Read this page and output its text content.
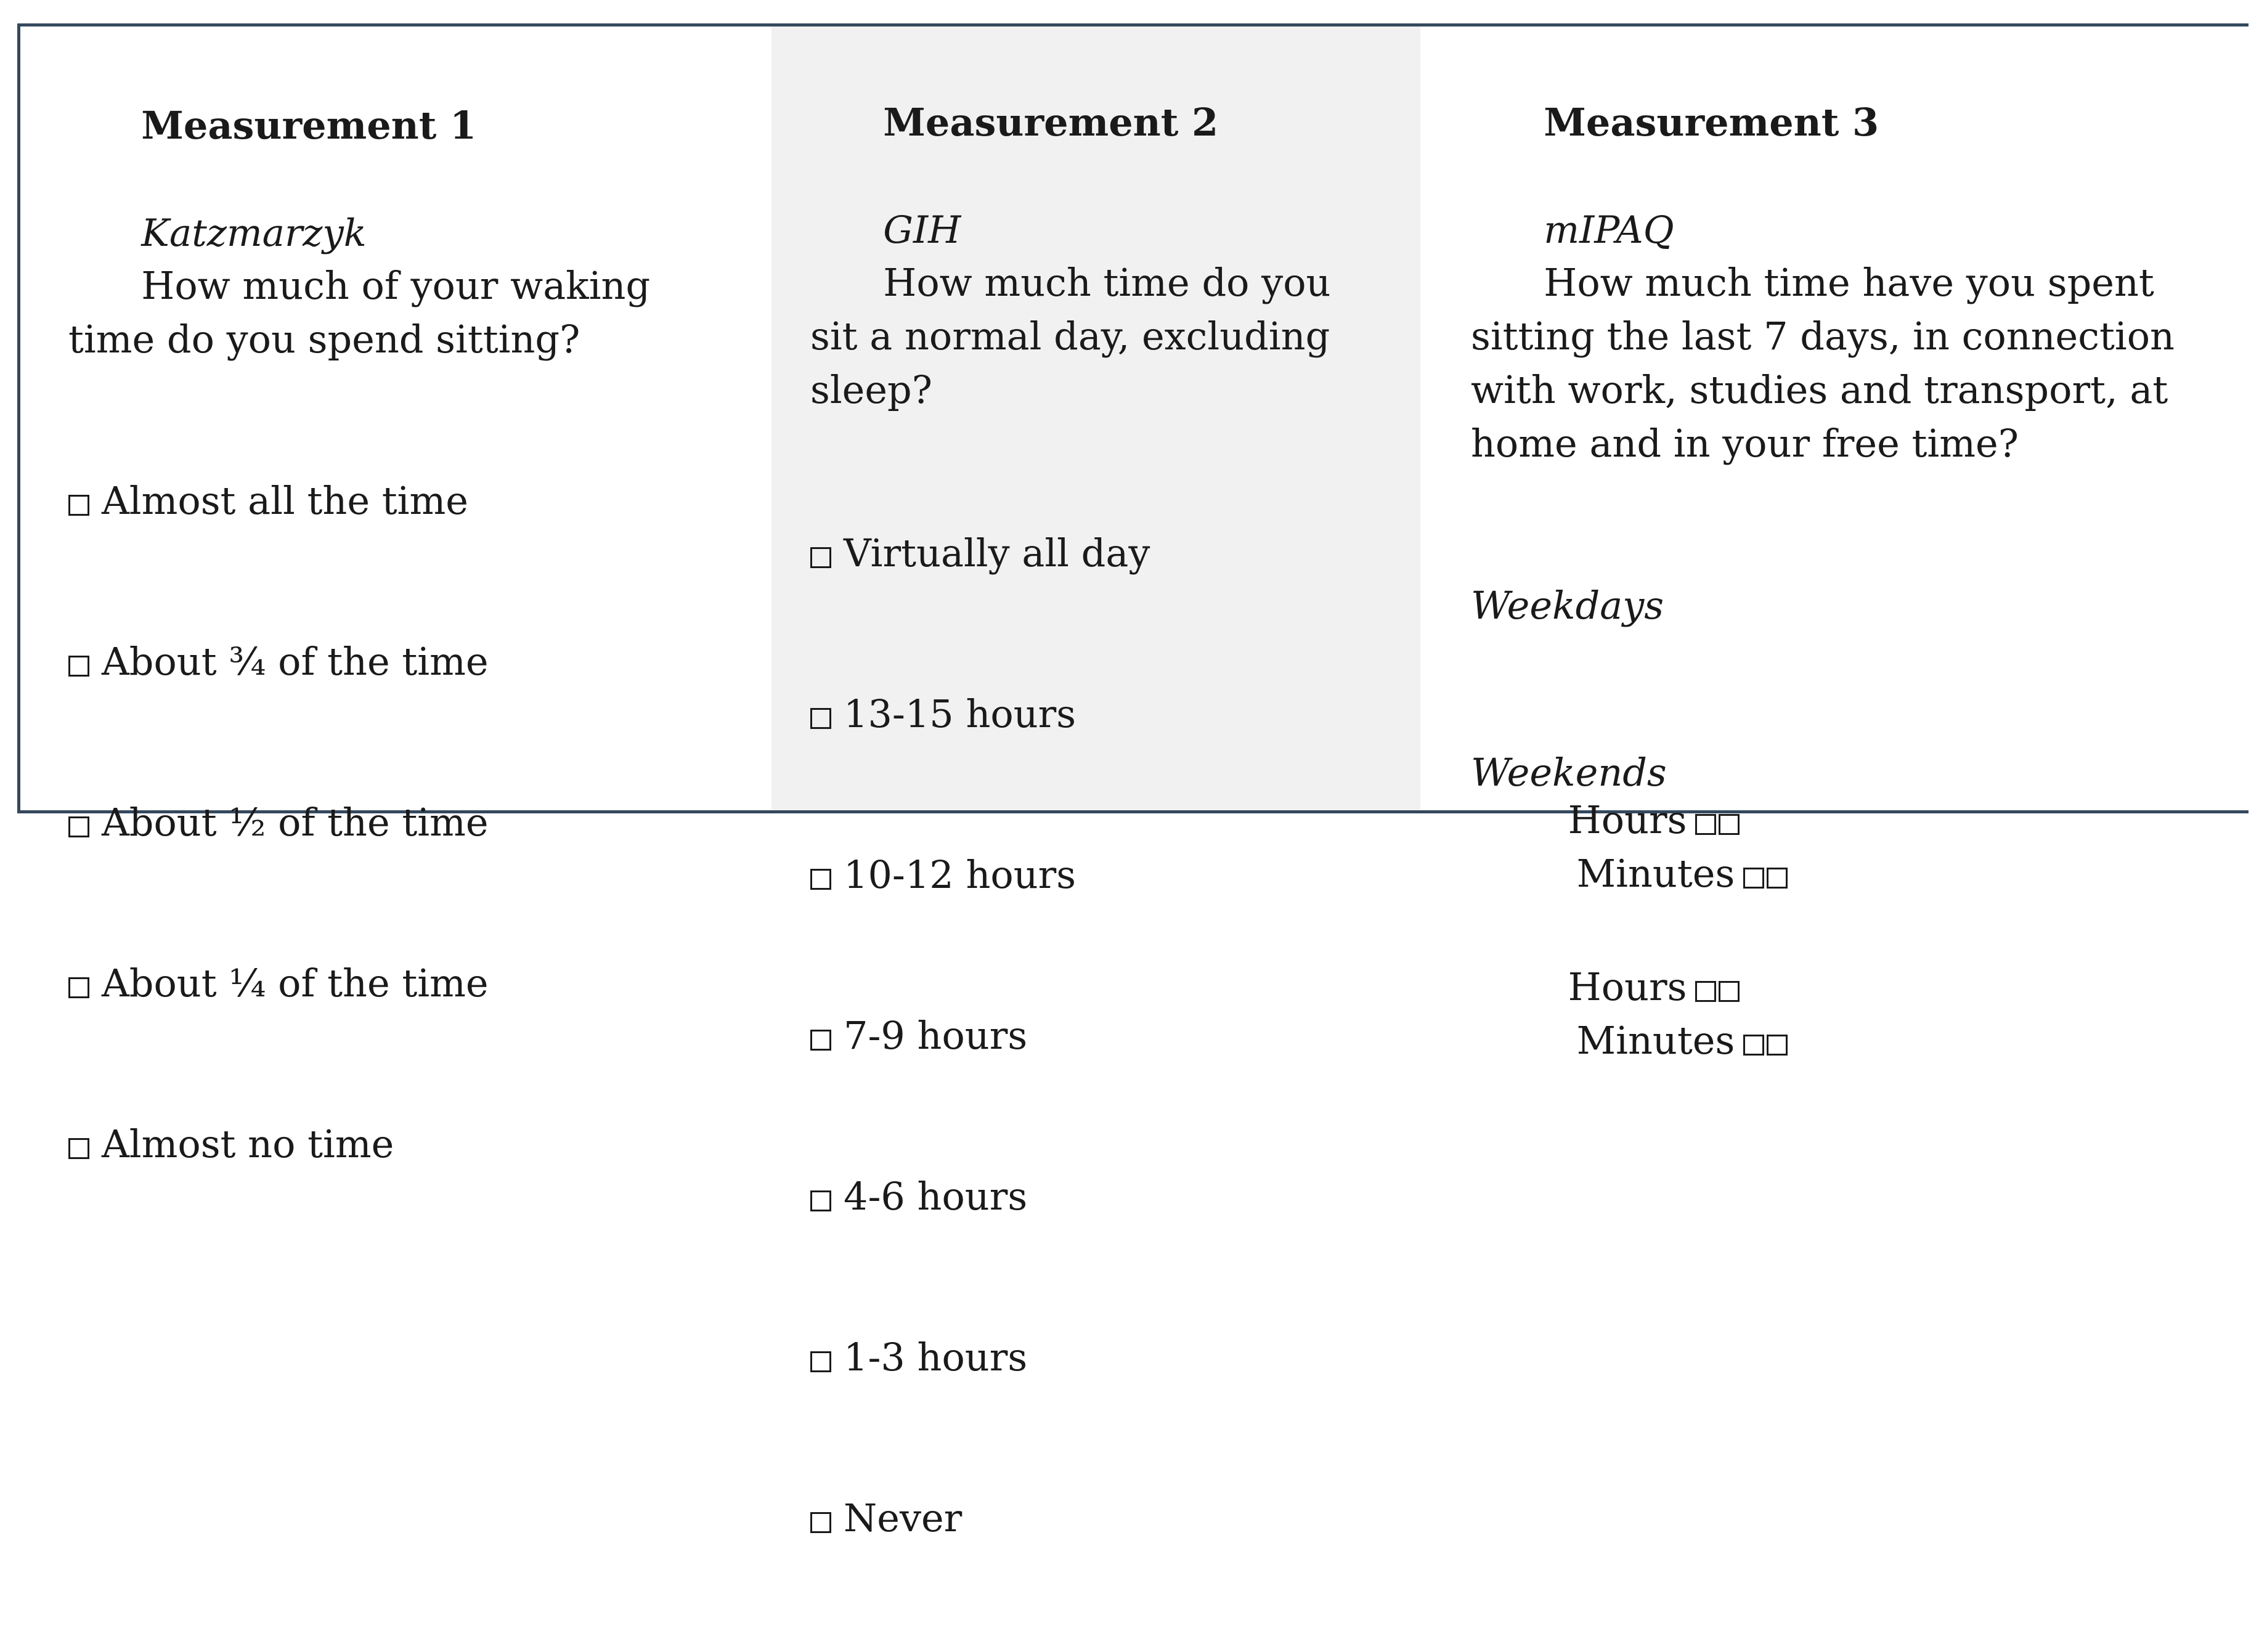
Measurement 1

Katzmarzyk

How much of your waking time do you spend sitting?

Almost all the time

About ¾ of the time

About ½ of the time

About ¼ of the time

Almost no time

Measurement 2

GIH

How much time do you sit a normal day, excluding sleep?

Virtually all day

13-15 hours

10-12 hours

7-9 hours

4-6 hours

1-3 hours

Never

Measurement 3

mIPAQ

How much time have you spent sitting the last 7 days, in connection with work, studies and transport, at home and in your free time?

Weekdays

Hours
Minutes

Weekends

Hours
Minutes
